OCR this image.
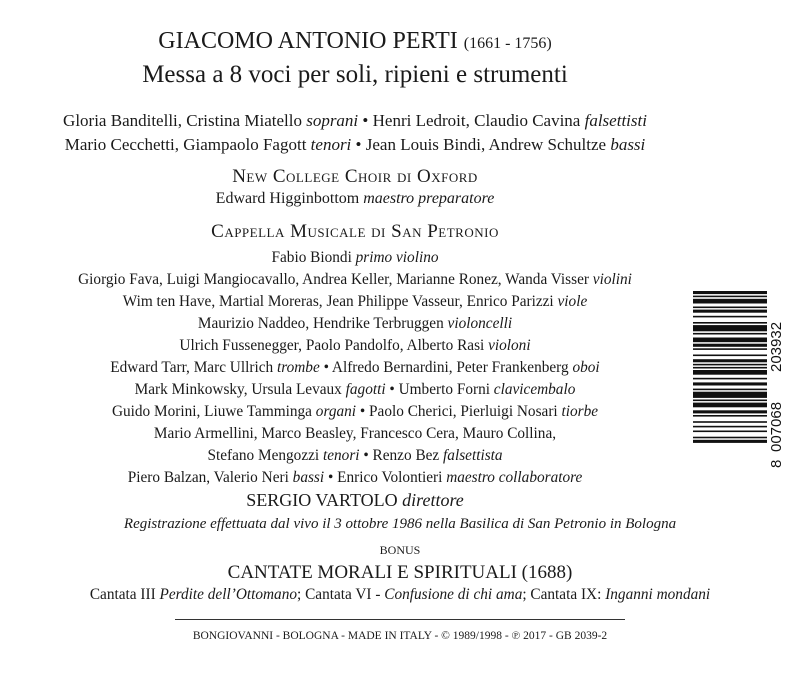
GIACOMO ANTONIO PERTI (1661 - 1756)
Messa a 8 voci per soli, ripieni e strumenti
Gloria Banditelli, Cristina Miatello soprani • Henri Ledroit, Claudio Cavina falsettisti
Mario Cecchetti, Giampaolo Fagott tenori • Jean Louis Bindi, Andrew Schultze bassi
New College Choir di Oxford
Edward Higginbottom maestro preparatore
Cappella Musicale di San Petronio
Fabio Biondi primo violino
Giorgio Fava, Luigi Mangiocavallo, Andrea Keller, Marianne Ronez, Wanda Visser violini
Wim ten Have, Martial Moreras, Jean Philippe Vasseur, Enrico Parizzi viole
Maurizio Naddeo, Hendrike Terbruggen violoncelli
Ulrich Fussenegger, Paolo Pandolfo, Alberto Rasi violoni
Edward Tarr, Marc Ullrich trombe • Alfredo Bernardini, Peter Frankenberg oboi
Mark Minkowsky, Ursula Levaux fagotti • Umberto Forni clavicembalo
Guido Morini, Liuwe Tamminga organi • Paolo Cherici, Pierluigi Nosari tiorbe
Mario Armellini, Marco Beasley, Francesco Cera, Mauro Collina,
Stefano Mengozzi tenori • Renzo Bez falsettista
Piero Balzan, Valerio Neri bassi • Enrico Volontieri maestro collaboratore
SERGIO VARTOLO direttore
Registrazione effettuata dal vivo il 3 ottobre 1986 nella Basilica di San Petronio in Bologna
BONUS
CANTATE MORALI E SPIRITUALI (1688)
Cantata III Perdite dell’Ottomano; Cantata VI - Confusione di chi ama; Cantata IX: Inganni mondani
BONGIOVANNI - BOLOGNA - MADE IN ITALY - © 1989/1998 - ℗ 2017 - GB 2039-2
8
007068
203932
